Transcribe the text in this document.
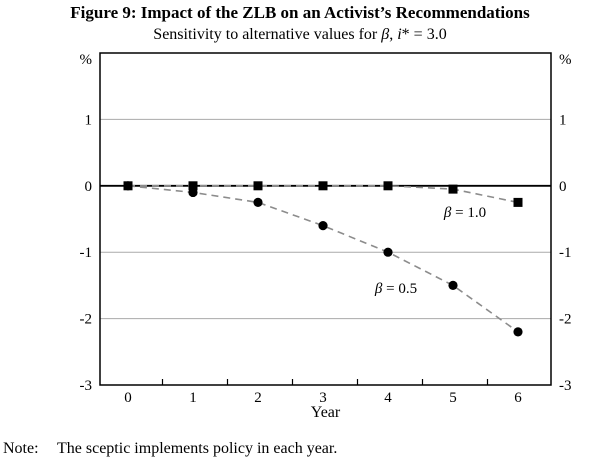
Figure 9: Impact of the ZLB on an Activist’s Recommendations
Sensitivity to alternative values for β, i* = 3.0
1	1
0	0
-1	-1
-2	-2
-3	-3
%	%
0	1	2	3	4	5	6
Year
β = 1.0
β = 0.5
Note: The sceptic implements policy in each year.
